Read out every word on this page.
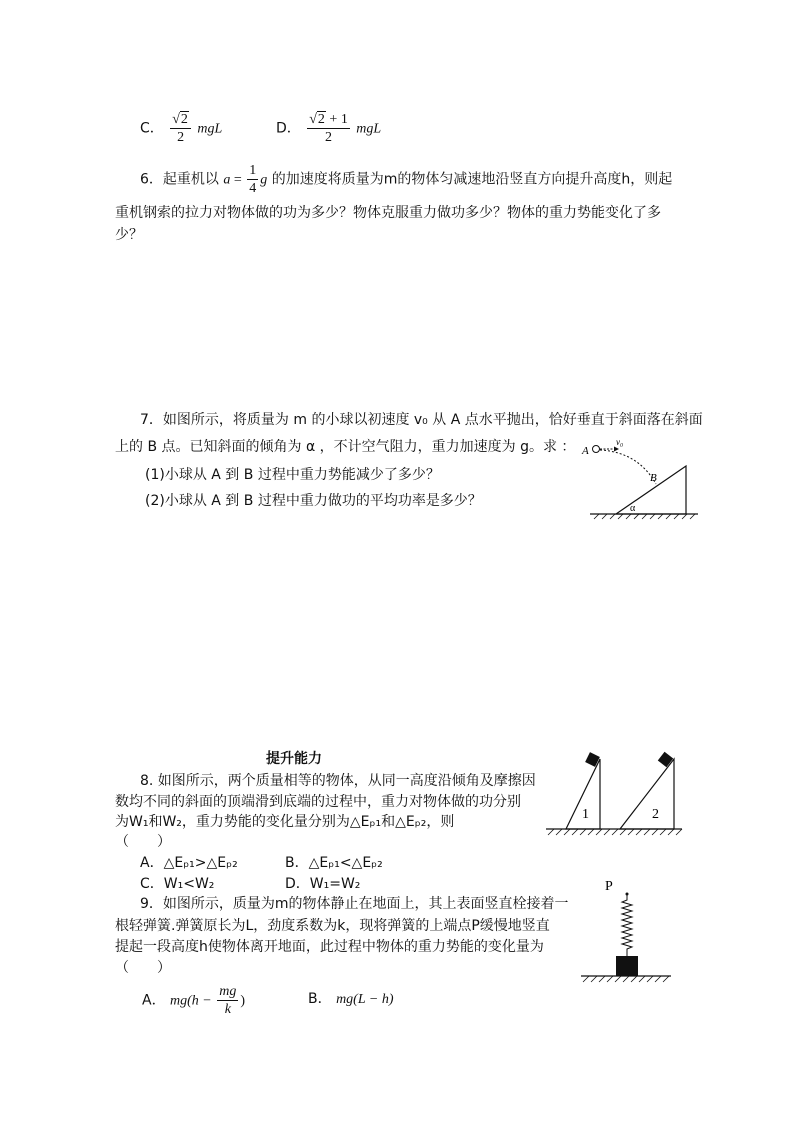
C． $\frac{√2}{2}$ mgL	D． $\frac{√2 + 1}{2}$ mgL
6．起重机以 $a = \frac{1}{4}$ g 的加速度将质量为m的物体匀减速地沿竖直方向提升高度h，则起
重机钢索的拉力对物体做的功为多少？物体克服重力做功多少？物体的重力势能变化了多
少？
7．如图所示，将质量为 m 的小球以初速度 v₀ 从 A 点水平抛出，恰好垂直于斜面落在斜面
上的 B 点。已知斜面的倾角为 α ，不计空气阻力，重力加速度为 g。求 ：
(1)小球从 A 到 B 过程中重力势能减少了多少？
(2)小球从 A 到 B 过程中重力做功的平均功率是多少？
A
v₀
B
α
提升能力
8. 如图所示，两个质量相等的物体，从同一高度沿倾角及摩擦因
数均不同的斜面的顶端滑到底端的过程中，重力对物体做的功分别
为W₁和W₂，重力势能的变化量分别为△Eₚ₁和△Eₚ₂，则
（　　）
A．△Eₚ₁>△Eₚ₂	B．△Eₚ₁<△Eₚ₂
C．W₁<W₂	D．W₁=W₂
1	2
9．如图所示，质量为m的物体静止在地面上，其上表面竖直栓接着一
根轻弹簧.弹簧原长为L，劲度系数为k，现将弹簧的上端点P缓慢地竖直
提起一段高度h使物体离开地面，此过程中物体的重力势能的变化量为
（　　）
A． $mg(h - \frac{mg}{k}$ )	B． mg(L − h)
P
